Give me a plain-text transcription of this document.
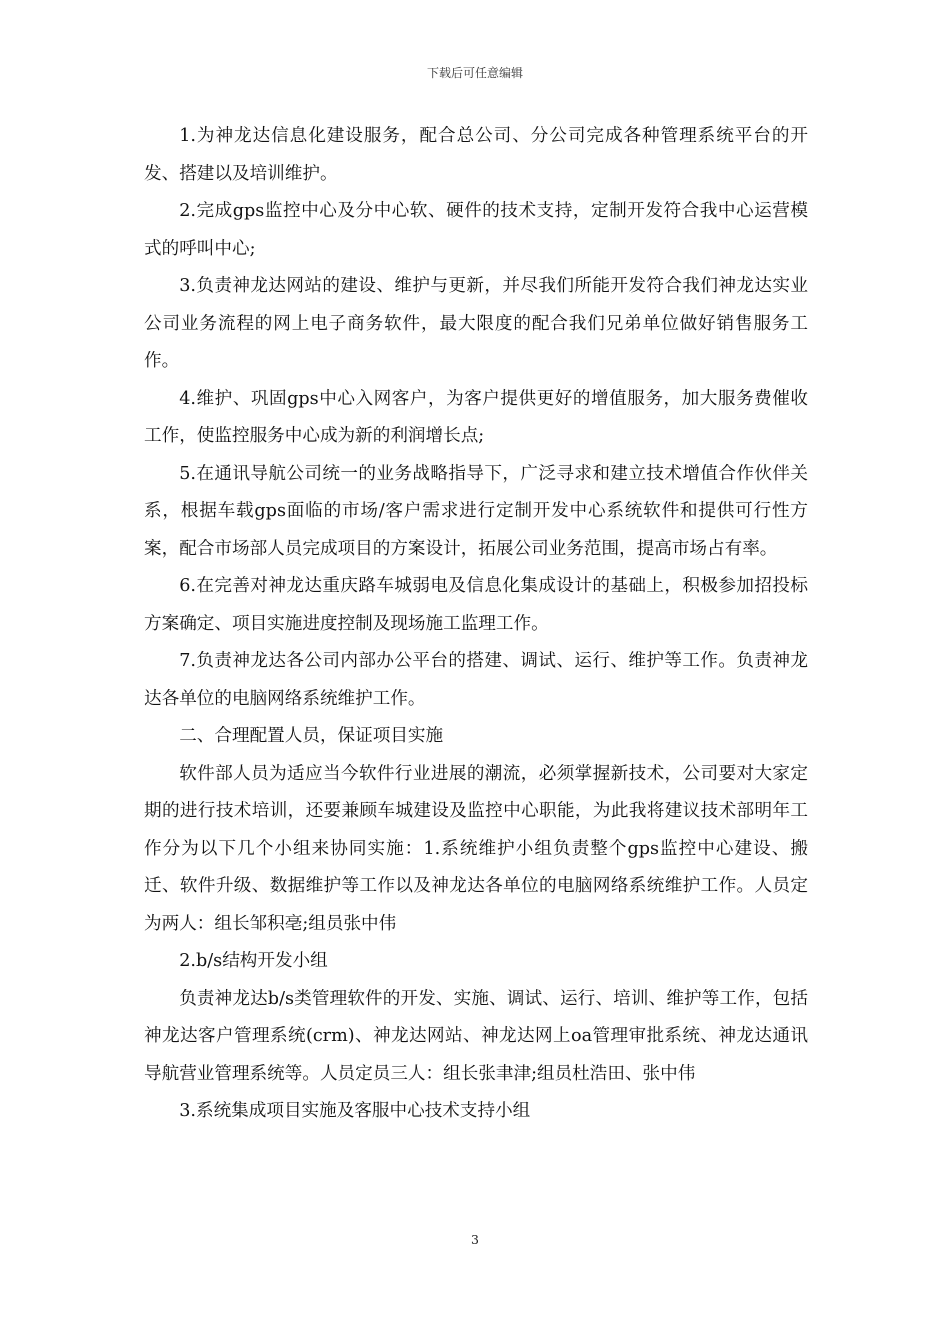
下载后可任意编辑

1.为神龙达信息化建设服务，配合总公司、分公司完成各种管理系统平台的开发、搭建以及培训维护。

2.完成gps监控中心及分中心软、硬件的技术支持，定制开发符合我中心运营模式的呼叫中心;

3.负责神龙达网站的建设、维护与更新，并尽我们所能开发符合我们神龙达实业公司业务流程的网上电子商务软件，最大限度的配合我们兄弟单位做好销售服务工作。

4.维护、巩固gps中心入网客户，为客户提供更好的增值服务，加大服务费催收工作，使监控服务中心成为新的利润增长点;

5.在通讯导航公司统一的业务战略指导下，广泛寻求和建立技术增值合作伙伴关系，根据车载gps面临的市场/客户需求进行定制开发中心系统软件和提供可行性方案，配合市场部人员完成项目的方案设计，拓展公司业务范围，提高市场占有率。

6.在完善对神龙达重庆路车城弱电及信息化集成设计的基础上，积极参加招投标方案确定、项目实施进度控制及现场施工监理工作。

7.负责神龙达各公司内部办公平台的搭建、调试、运行、维护等工作。负责神龙达各单位的电脑网络系统维护工作。

二、合理配置人员，保证项目实施

软件部人员为适应当今软件行业进展的潮流，必须掌握新技术，公司要对大家定期的进行技术培训，还要兼顾车城建设及监控中心职能，为此我将建议技术部明年工作分为以下几个小组来协同实施：1.系统维护小组负责整个gps监控中心建设、搬迁、软件升级、数据维护等工作以及神龙达各单位的电脑网络系统维护工作。人员定为两人：组长邹积亳;组员张中伟

2.b/s结构开发小组

负责神龙达b/s类管理软件的开发、实施、调试、运行、培训、维护等工作，包括神龙达客户管理系统(crm)、神龙达网站、神龙达网上oa管理审批系统、神龙达通讯导航营业管理系统等。人员定员三人：组长张聿津;组员杜浩田、张中伟

3.系统集成项目实施及客服中心技术支持小组

3
